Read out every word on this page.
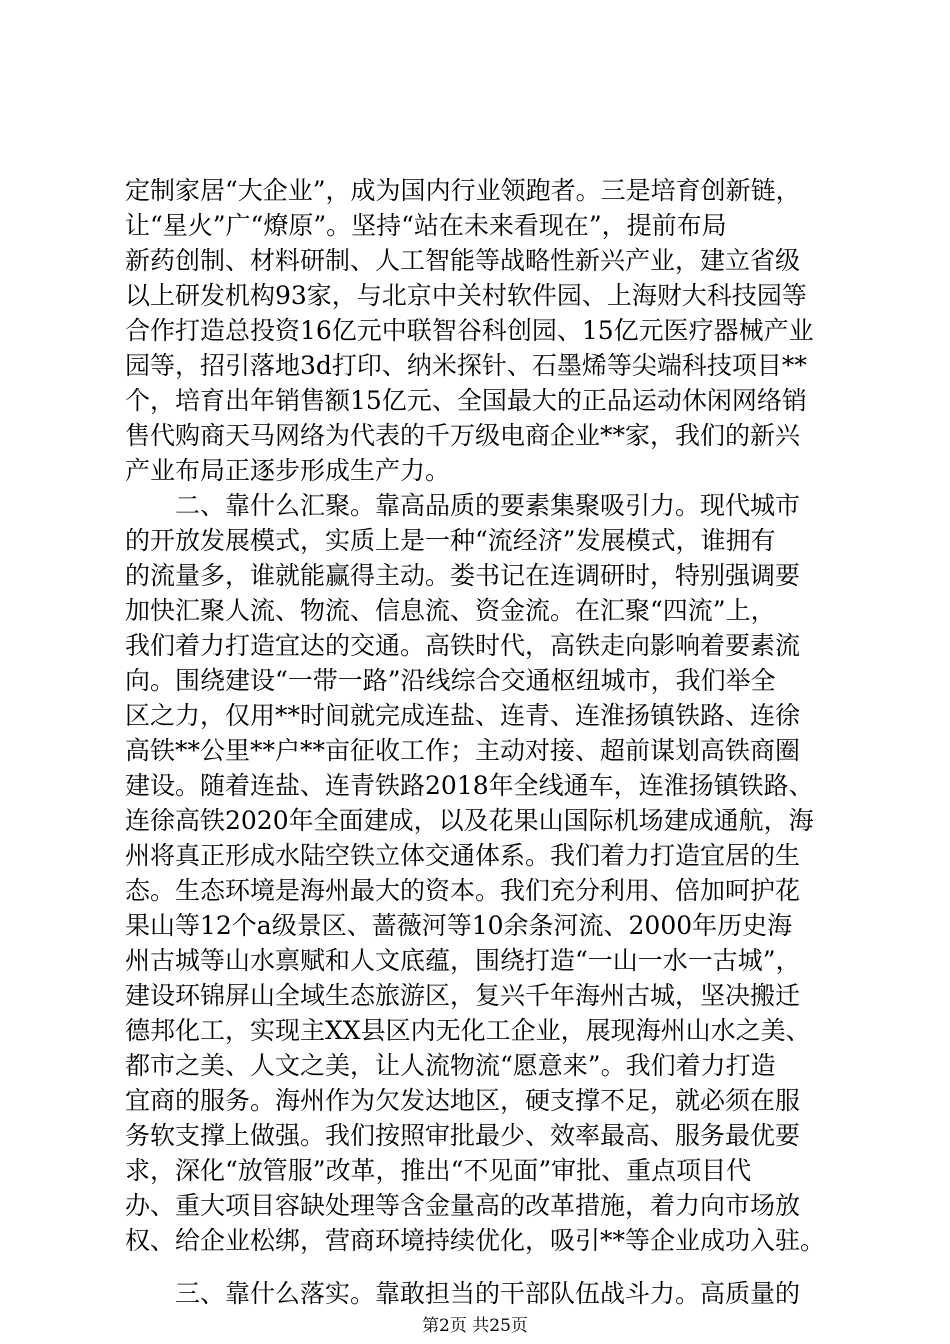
定制家居“大企业”，成为国内行业领跑者。三是培育创新链，
让“星火”广“燎原”。坚持“站在未来看现在”，提前布局
新药创制、材料研制、人工智能等战略性新兴产业，建立省级
以上研发机构93家，与北京中关村软件园、上海财大科技园等
合作打造总投资16亿元中联智谷科创园、15亿元医疗器械产业
园等，招引落地3d打印、纳米探针、石墨烯等尖端科技项目**
个，培育出年销售额15亿元、全国最大的正品运动休闲网络销
售代购商天马网络为代表的千万级电商企业**家，我们的新兴
产业布局正逐步形成生产力。
　　二、靠什么汇聚。靠高品质的要素集聚吸引力。现代城市
的开放发展模式，实质上是一种“流经济”发展模式，谁拥有
的流量多，谁就能赢得主动。娄书记在连调研时，特别强调要
加快汇聚人流、物流、信息流、资金流。在汇聚“四流”上，
我们着力打造宜达的交通。高铁时代，高铁走向影响着要素流
向。围绕建设“一带一路”沿线综合交通枢纽城市，我们举全
区之力，仅用**时间就完成连盐、连青、连淮扬镇铁路、连徐
高铁**公里**户**亩征收工作；主动对接、超前谋划高铁商圈
建设。随着连盐、连青铁路2018年全线通车，连淮扬镇铁路、
连徐高铁2020年全面建成，以及花果山国际机场建成通航，海
州将真正形成水陆空铁立体交通体系。我们着力打造宜居的生
态。生态环境是海州最大的资本。我们充分利用、倍加呵护花
果山等12个a级景区、蔷薇河等10余条河流、2000年历史海
州古城等山水禀赋和人文底蕴，围绕打造“一山一水一古城”，
建设环锦屏山全域生态旅游区，复兴千年海州古城，坚决搬迁
德邦化工，实现主XX县区内无化工企业，展现海州山水之美、
都市之美、人文之美，让人流物流“愿意来”。我们着力打造
宜商的服务。海州作为欠发达地区，硬支撑不足，就必须在服
务软支撑上做强。我们按照审批最少、效率最高、服务最优要
求，深化“放管服”改革，推出“不见面”审批、重点项目代
办、重大项目容缺处理等含金量高的改革措施，着力向市场放
权、给企业松绑，营商环境持续优化，吸引**等企业成功入驻。
　　三、靠什么落实。靠敢担当的干部队伍战斗力。高质量的
第2页 共25页
